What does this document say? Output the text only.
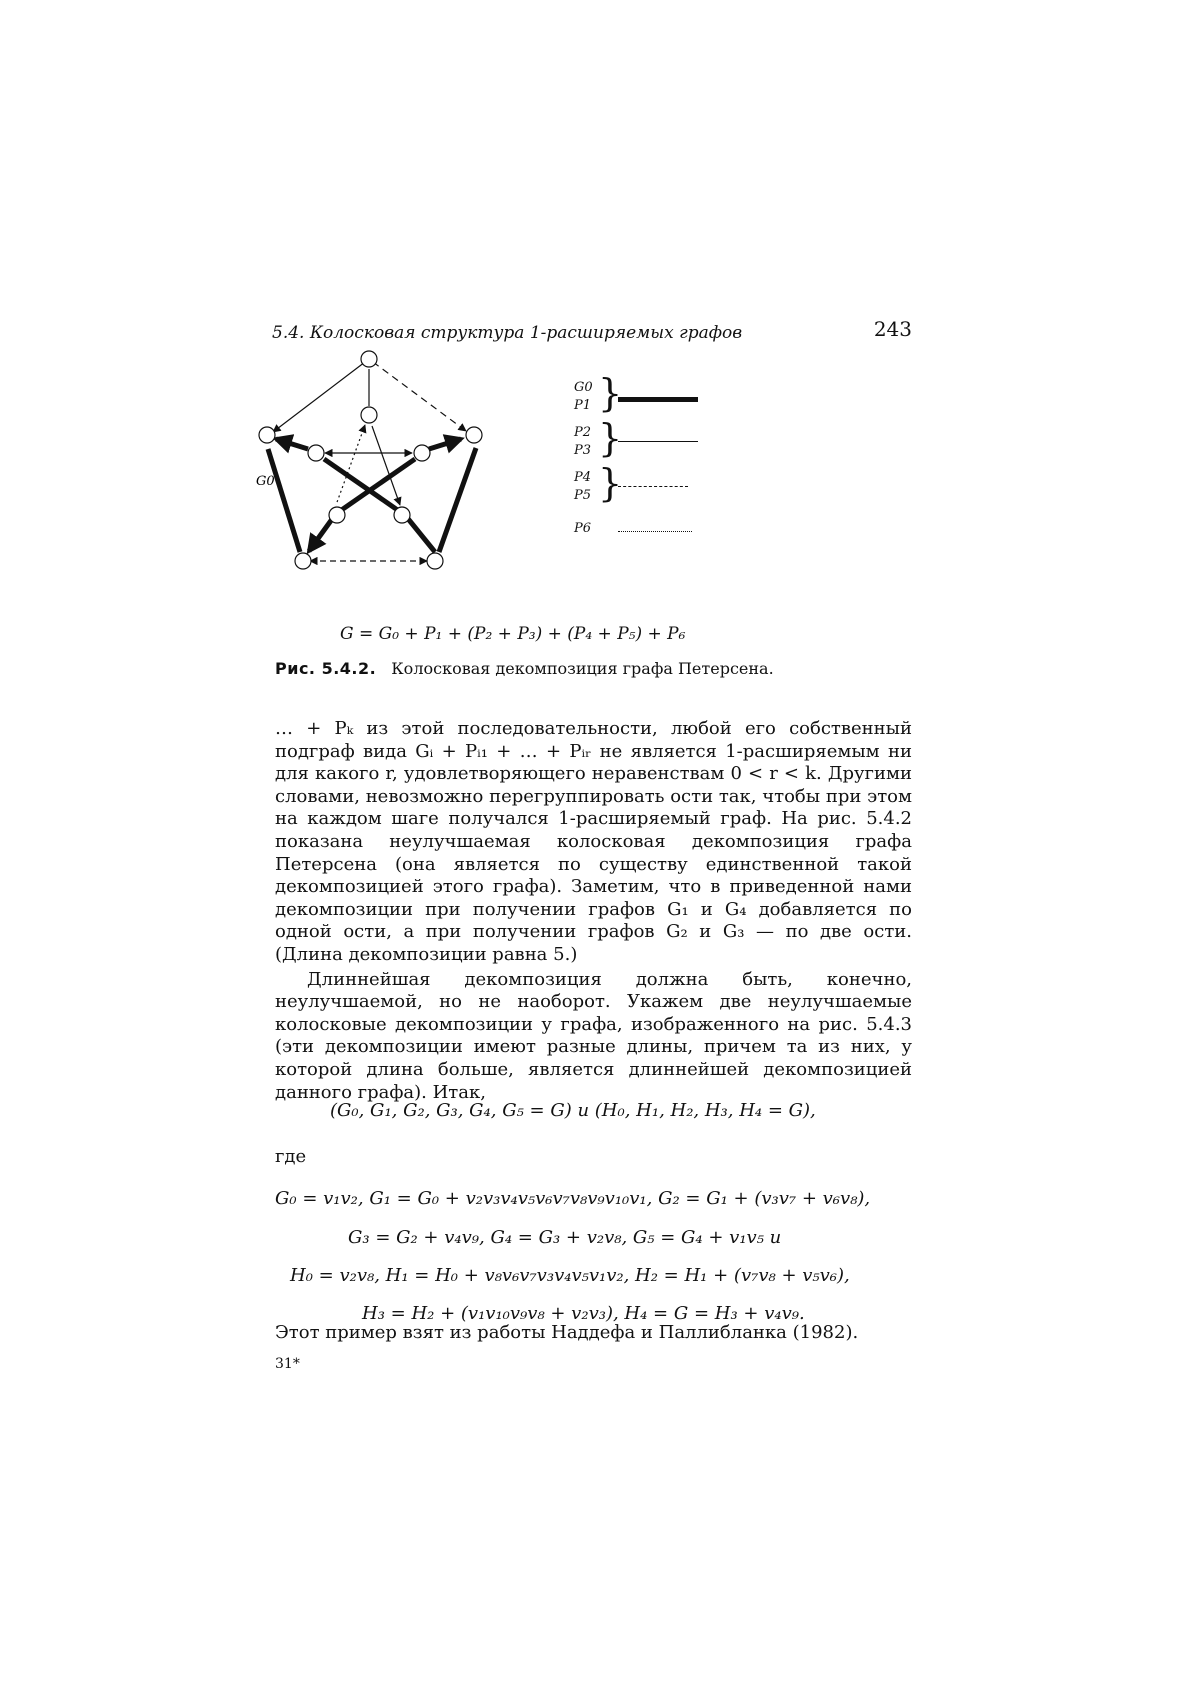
5.4. Колосковая структура 1-расширяемых графов	243
G0
G0
P1 }
P2
P3 }
P4
P5 }
P6
G = G₀ + P₁ + (P₂ + P₃) + (P₄ + P₅) + P₆
Рис. 5.4.2. Колосковая декомпозиция графа Петерсена.

… + Pₖ из этой последовательности, любой его собственный подграф вида Gᵢ + Pᵢ₁ + … + Pᵢᵣ не является 1-расширяемым ни для какого r, удовлетворяющего неравенствам 0 < r < k. Другими словами, невозможно перегруппировать ости так, чтобы при этом на каждом шаге получался 1-расширяемый граф. На рис. 5.4.2 показана неулучшаемая колосковая декомпозиция графа Петерсена (она является по существу единственной такой декомпозицией этого графа). Заметим, что в приведенной нами декомпозиции при получении графов G₁ и G₄ добавляется по одной ости, а при получении графов G₂ и G₃ — по две ости. (Длина декомпозиции равна 5.)

Длиннейшая декомпозиция должна быть, конечно, неулучшаемой, но не наоборот. Укажем две неулучшаемые колосковые декомпозиции у графа, изображенного на рис. 5.4.3 (эти декомпозиции имеют разные длины, причем та из них, у которой длина больше, является длиннейшей декомпозицией данного графа). Итак,

(G₀, G₁, G₂, G₃, G₄, G₅ = G) и (H₀, H₁, H₂, H₃, H₄ = G),
где
G₀ = v₁v₂, G₁ = G₀ + v₂v₃v₄v₅v₆v₇v₈v₉v₁₀v₁, G₂ = G₁ + (v₃v₇ + v₆v₈),
G₃ = G₂ + v₄v₉, G₄ = G₃ + v₂v₈, G₅ = G₄ + v₁v₅ и
H₀ = v₂v₈, H₁ = H₀ + v₈v₆v₇v₃v₄v₅v₁v₂, H₂ = H₁ + (v₇v₈ + v₅v₆),
H₃ = H₂ + (v₁v₁₀v₉v₈ + v₂v₃), H₄ = G = H₃ + v₄v₉.
Этот пример взят из работы Наддефа и Паллибланка (1982).
31*
